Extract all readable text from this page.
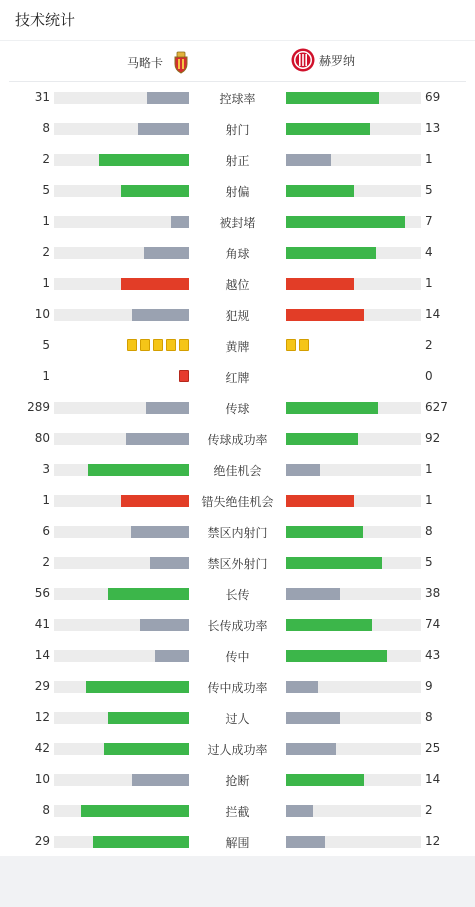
技术统计
马略卡	赫罗纳
31	控球率	69
8	射门	13
2	射正	1
5	射偏	5
1	被封堵	7
2	角球	4
1	越位	1
10	犯规	14
5	黄牌	2
1	红牌	0
289	传球	627
80	传球成功率	92
3	绝佳机会	1
1	错失绝佳机会	1
6	禁区内射门	8
2	禁区外射门	5
56	长传	38
41	长传成功率	74
14	传中	43
29	传中成功率	9
12	过人	8
42	过人成功率	25
10	抢断	14
8	拦截	2
29	解围	12
